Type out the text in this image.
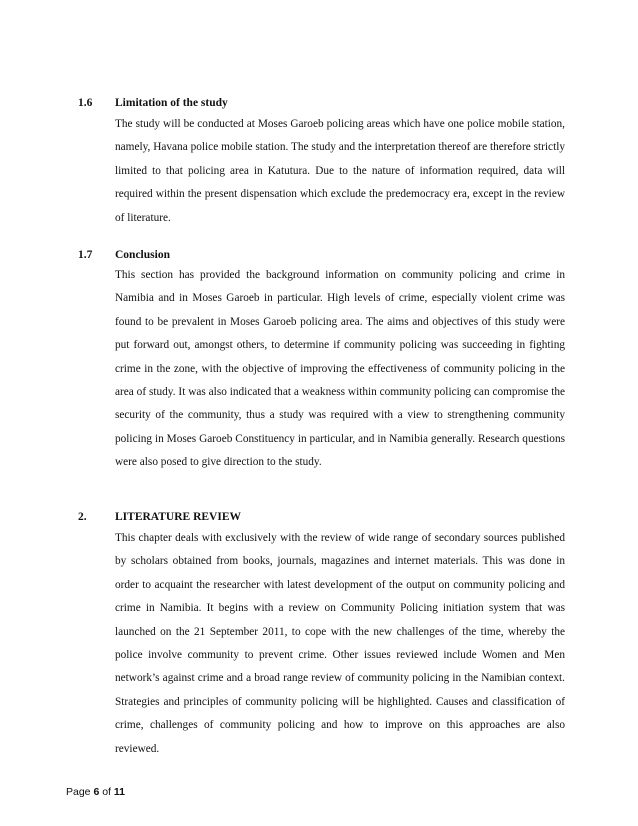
1.6 Limitation of the study
The study will be conducted at Moses Garoeb policing areas which have one police mobile station, namely, Havana police mobile station. The study and the interpretation thereof are therefore strictly limited to that policing area in Katutura. Due to the nature of information required, data will required within the present dispensation which exclude the predemocracy era, except in the review of literature.
1.7 Conclusion
This section has provided the background information on community policing and crime in Namibia and in Moses Garoeb in particular. High levels of crime, especially violent crime was found to be prevalent in Moses Garoeb policing area. The aims and objectives of this study were put forward out, amongst others, to determine if community policing was succeeding in fighting crime in the zone, with the objective of improving the effectiveness of community policing in the area of study. It was also indicated that a weakness within community policing can compromise the security of the community, thus a study was required with a view to strengthening community policing in Moses Garoeb Constituency in particular, and in Namibia generally. Research questions were also posed to give direction to the study.
2. LITERATURE REVIEW
This chapter deals with exclusively with the review of wide range of secondary sources published by scholars obtained from books, journals, magazines and internet materials. This was done in order to acquaint the researcher with latest development of the output on community policing and crime in Namibia. It begins with a review on Community Policing initiation system that was launched on the 21 September 2011, to cope with the new challenges of the time, whereby the police involve community to prevent crime. Other issues reviewed include Women and Men network’s against crime and a broad range review of community policing in the Namibian context. Strategies and principles of community policing will be highlighted. Causes and classification of crime, challenges of community policing and how to improve on this approaches are also reviewed.
Page 6 of 11
